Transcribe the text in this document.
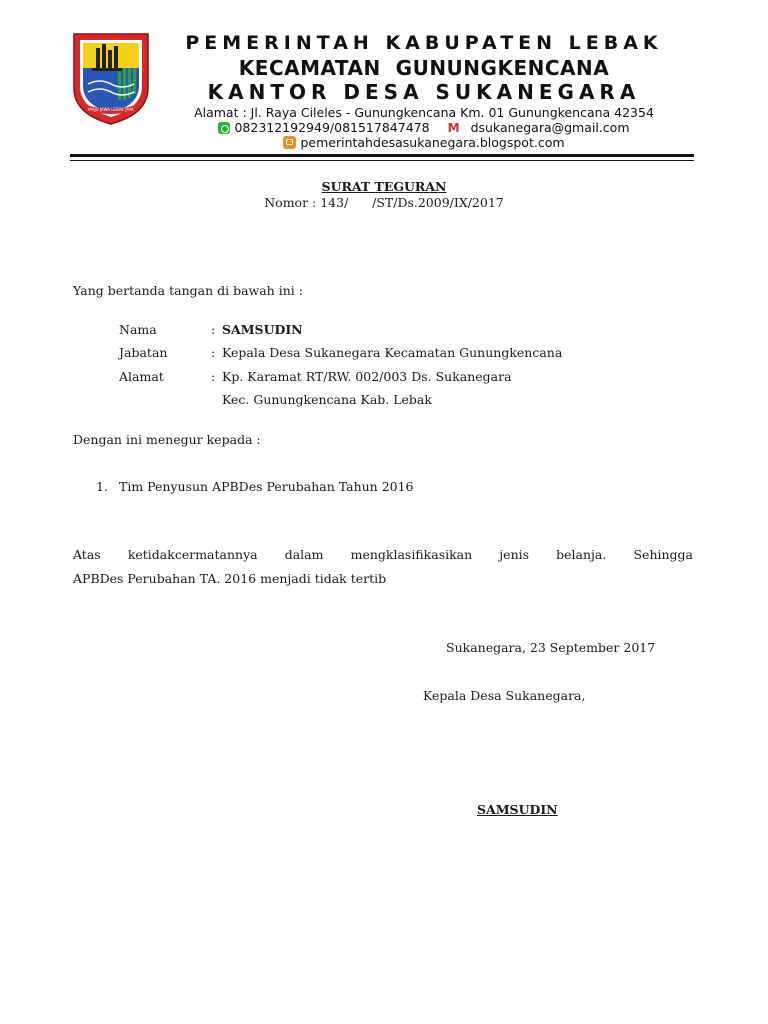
MAJU JAWA LEBAK JAYA
PEMERINTAH KABUPATEN LEBAK
KECAMATAN  GUNUNGKENCANA
KANTOR DESA SUKANEGARA
Alamat : Jl. Raya Cileles - Gunungkencana Km. 01 Gunungkencana 42354
082312192949/081517847478M	dsukanegara@gmail.com
pemerintahdesasukanegara.blogspot.com
SURAT TEGURAN
Nomor : 143/      /ST/Ds.2009/IX/2017
Yang bertanda tangan di bawah ini :
Nama	: SAMSUDIN
Jabatan	: Kepala Desa Sukanegara Kecamatan Gunungkencana
Alamat	: Kp. Karamat RT/RW. 002/003 Ds. Sukanegara
Kec. Gunungkencana Kab. Lebak
Dengan ini menegur kepada :
1. Tim Penyusun APBDes Perubahan Tahun 2016
Atas ketidakcermatannya dalam mengklasifikasikan jenis belanja. Sehingga
APBDes Perubahan TA. 2016 menjadi tidak tertib
Sukanegara, 23 September 2017
Kepala Desa Sukanegara,
SAMSUDIN
